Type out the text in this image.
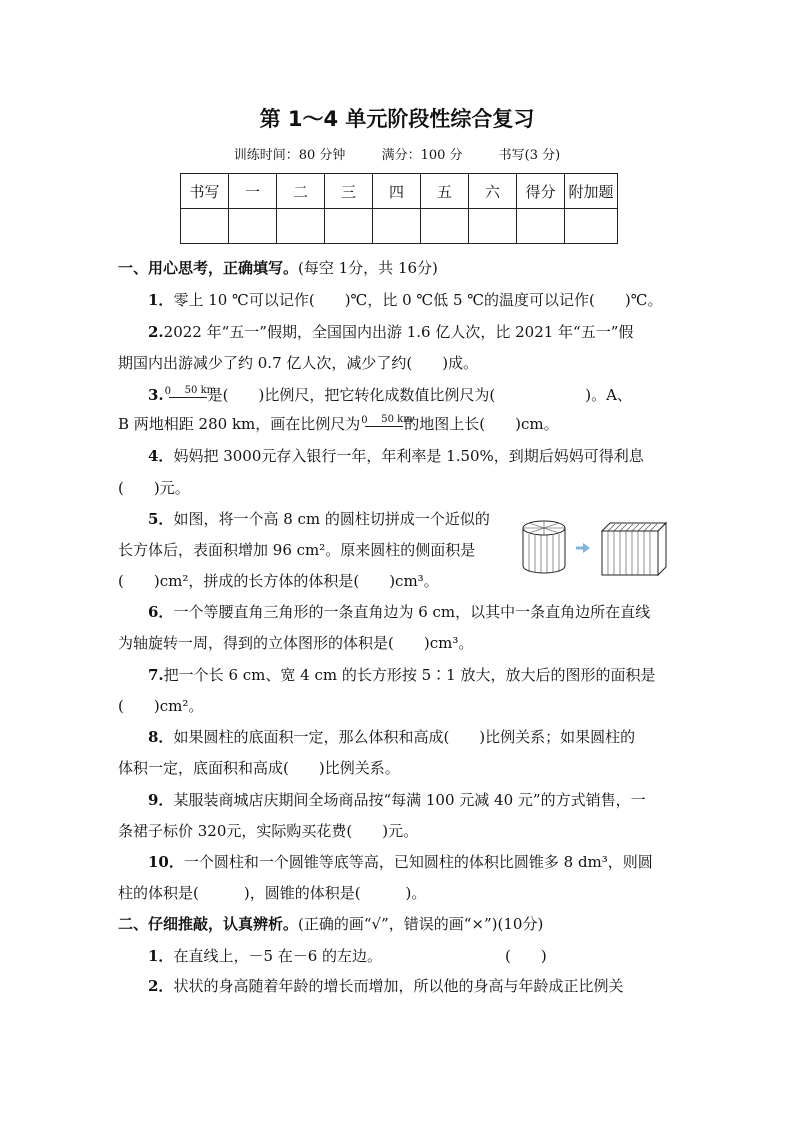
第 1～4 单元阶段性综合复习
训练时间：80 分钟	满分：100 分	书写(3 分)
书写	一	二	三	四	五	六	得分	附加题

一、用心思考，正确填写。(每空 1分，共 16分)
1．零上 10 ℃可以记作(　　)℃，比 0 ℃低 5 ℃的温度可以记作(　　)℃。
2.2022 年“五一”假期，全国国内出游 1.6 亿人次，比 2021 年“五一”假
期国内出游减少了约 0.7 亿人次，减少了约(　　)成。
3. 0 50 km
是(　　)比例尺，把它转化成数值比例尺为(　　　　　　)。A、
B 两地相距 280 km，画在比例尺为 0 50 km
的地图上长(　　)cm。
4．妈妈把 3000元存入银行一年，年利率是 1.50%，到期后妈妈可得利息
(　　)元。
5．如图，将一个高 8 cm 的圆柱切拼成一个近似的
长方体后，表面积增加 96 cm²。原来圆柱的侧面积是
(　　)cm²，拼成的长方体的体积是(　　)cm³。
6．一个等腰直角三角形的一条直角边为 6 cm，以其中一条直角边所在直线
为轴旋转一周，得到的立体图形的体积是(　　)cm³。
7.把一个长 6 cm、宽 4 cm 的长方形按 5∶1 放大，放大后的图形的面积是
(　　)cm²。
8．如果圆柱的底面积一定，那么体积和高成(　　)比例关系；如果圆柱的
体积一定，底面积和高成(　　)比例关系。
9．某服装商城店庆期间全场商品按“每满 100 元减 40 元”的方式销售，一
条裙子标价 320元，实际购买花费(　　)元。
10．一个圆柱和一个圆锥等底等高，已知圆柱的体积比圆锥多 8 dm³，则圆
柱的体积是(　　　)，圆锥的体积是(　　　)。
二、仔细推敲，认真辨析。(正确的画“√”，错误的画“×”)(10分)
1．在直线上，－5 在－6 的左边。	(　　)
2．状状的身高随着年龄的增长而增加，所以他的身高与年龄成正比例关
